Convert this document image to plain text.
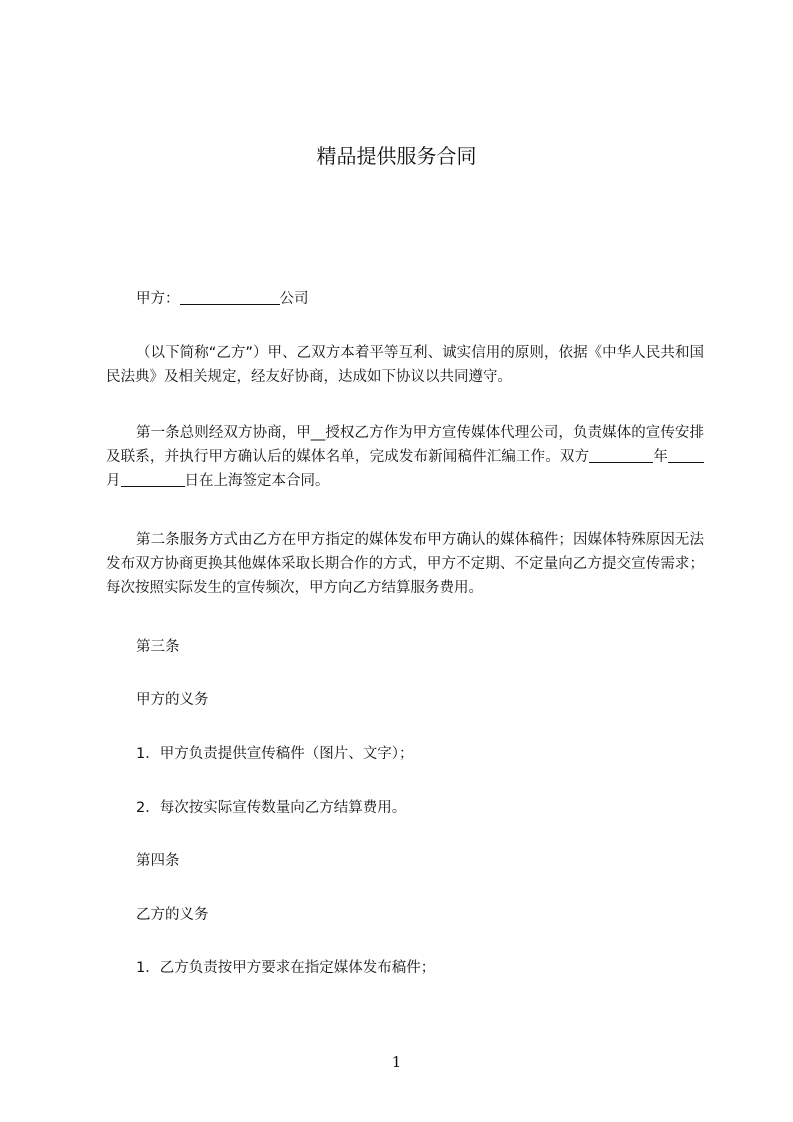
精品提供服务合同
甲方：	公司
（以下简称“乙方”）甲、乙双方本着平等互利、诚实信用的原则，依据《中华人民共和国民法典》及相关规定，经友好协商，达成如下协议以共同遵守。
第一条总则经双方协商，甲__授权乙方作为甲方宣传媒体代理公司，负责媒体的宣传安排及联系，并执行甲方确认后的媒体名单，完成发布新闻稿件汇编工作。双方	年月	日在上海签定本合同。
第二条服务方式由乙方在甲方指定的媒体发布甲方确认的媒体稿件；因媒体特殊原因无法发布双方协商更换其他媒体采取长期合作的方式，甲方不定期、不定量向乙方提交宣传需求；每次按照实际发生的宣传频次，甲方向乙方结算服务费用。
第三条
甲方的义务
1．甲方负责提供宣传稿件（图片、文字）；
2．每次按实际宣传数量向乙方结算费用。
第四条
乙方的义务
1．乙方负责按甲方要求在指定媒体发布稿件；
1
